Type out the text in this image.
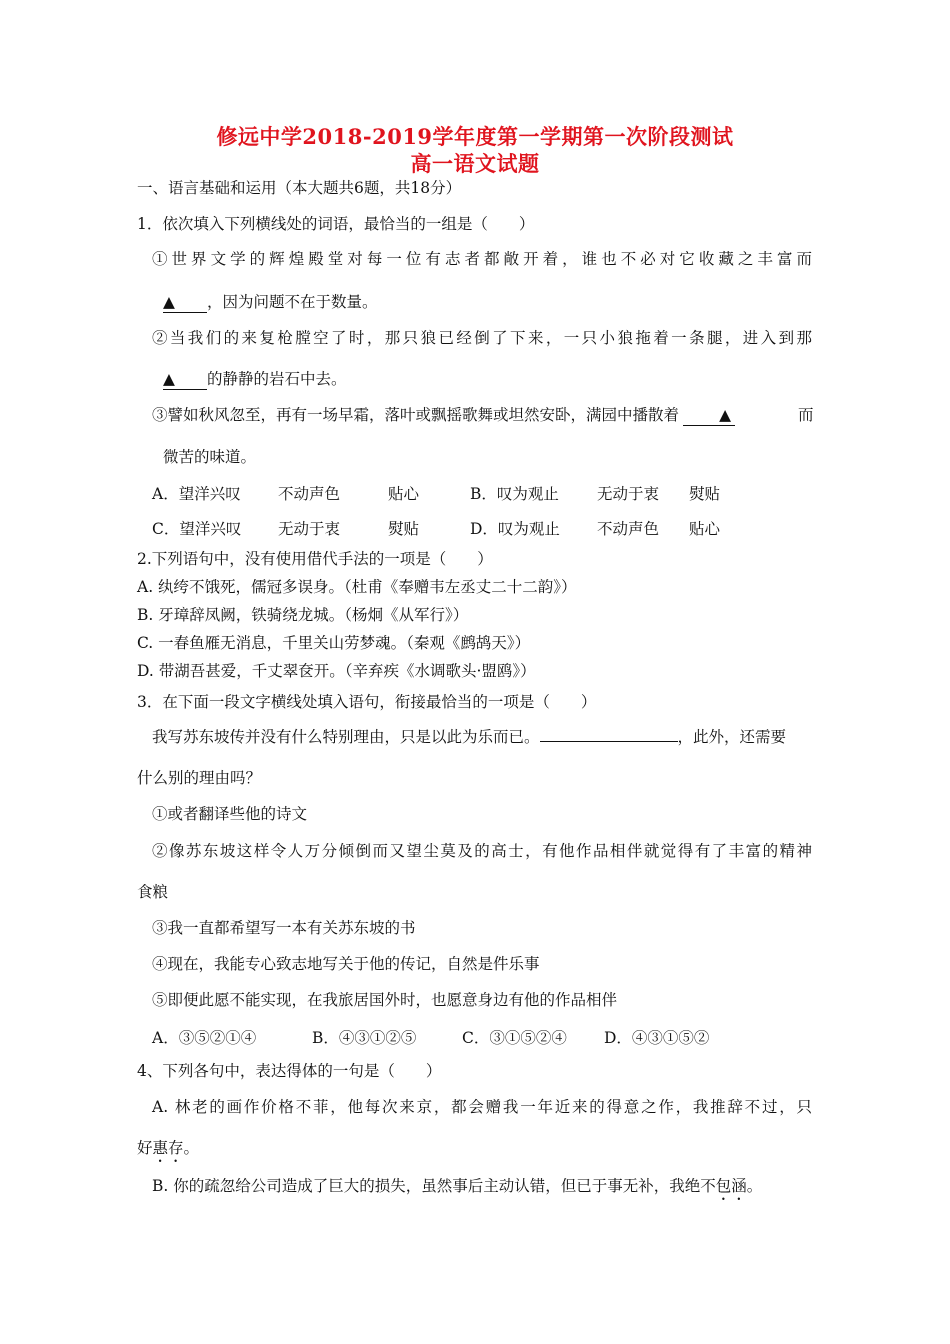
修远中学2018-2019学年度第一学期第一次阶段测试
高一语文试题
一、语言基础和运用（本大题共6题，共18分）
1．依次填入下列横线处的词语，最恰当的一组是（　　）
①世界文学的辉煌殿堂对每一位有志者都敞开着，谁也不必对它收藏之丰富而
▲ ，因为问题不在于数量。
②当我们的来复枪膛空了时，那只狼已经倒了下来，一只小狼拖着一条腿，进入到那
▲ 的静静的岩石中去。
③譬如秋风忽至，再有一场早霜，落叶或飘摇歌舞或坦然安卧，满园中播散着	▲	而
微苦的味道。
A．望洋兴叹 不动声色	贴心	B．叹为观止 无动于衷 熨贴
C．望洋兴叹 无动于衷	熨贴	D．叹为观止 不动声色 贴心
2.下列语句中，没有使用借代手法的一项是（　　）
A. 纨绔不饿死，儒冠多误身。（杜甫《奉赠韦左丞丈二十二韵》）
B. 牙璋辞凤阙，铁骑绕龙城。（杨炯《从军行》）
C. 一春鱼雁无消息，千里关山劳梦魂。（秦观《鹧鸪天》）
D. 带湖吾甚爱，千丈翠奁开。（辛弃疾《水调歌头·盟鸥》）
3．在下面一段文字横线处填入语句，衔接最恰当的一项是（　　）
我写苏东坡传并没有什么特别理由，只是以此为乐而已。	，此外，还需要
什么别的理由吗？
①或者翻译些他的诗文
②像苏东坡这样令人万分倾倒而又望尘莫及的高士，有他作品相伴就觉得有了丰富的精神
食粮
③我一直都希望写一本有关苏东坡的书
④现在，我能专心致志地写关于他的传记，自然是件乐事
⑤即便此愿不能实现，在我旅居国外时，也愿意身边有他的作品相伴
A．③⑤②①④	B．④③①②⑤	C．③①⑤②④ D．④③①⑤②
4、下列各句中，表达得体的一句是（　　）
A. 林老的画作价格不菲，他每次来京，都会赠我一年近来的得意之作，我推辞不过，只
好惠存。
B. 你的疏忽给公司造成了巨大的损失，虽然事后主动认错，但已于事无补，我绝不包涵。
